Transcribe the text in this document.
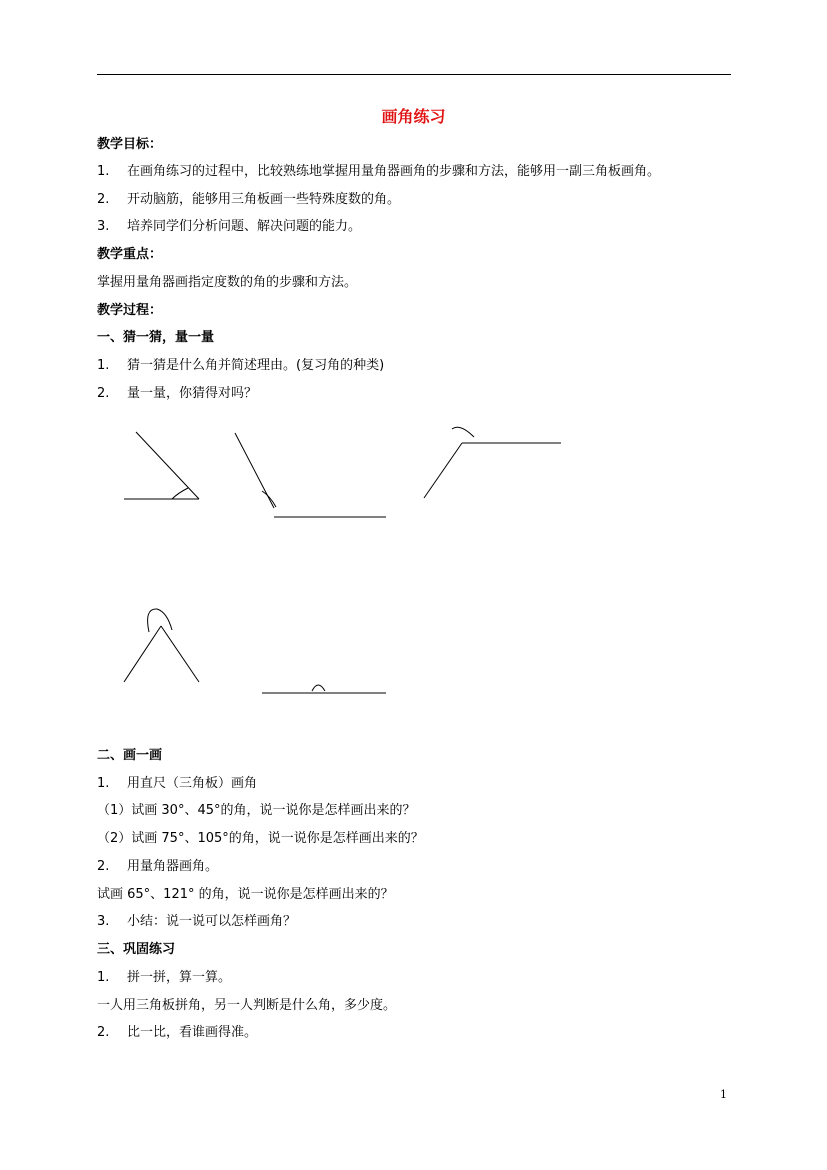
画角练习
教学目标：
1. 在画角练习的过程中，比较熟练地掌握用量角器画角的步骤和方法，能够用一副三角板画角。
2. 开动脑筋，能够用三角板画一些特殊度数的角。
3. 培养同学们分析问题、解决问题的能力。
教学重点：
掌握用量角器画指定度数的角的步骤和方法。
教学过程：
一、猜一猜，量一量
1. 猜一猜是什么角并简述理由。(复习角的种类)
2. 量一量，你猜得对吗？
二、画一画
1. 用直尺（三角板）画角
（1）试画 30°、45°的角，说一说你是怎样画出来的？
（2）试画 75°、105°的角，说一说你是怎样画出来的？
2. 用量角器画角。
试画 65°、121° 的角，说一说你是怎样画出来的？
3. 小结：说一说可以怎样画角？
三、巩固练习
1. 拼一拼，算一算。
一人用三角板拼角，另一人判断是什么角，多少度。
2. 比一比，看谁画得准。
1
